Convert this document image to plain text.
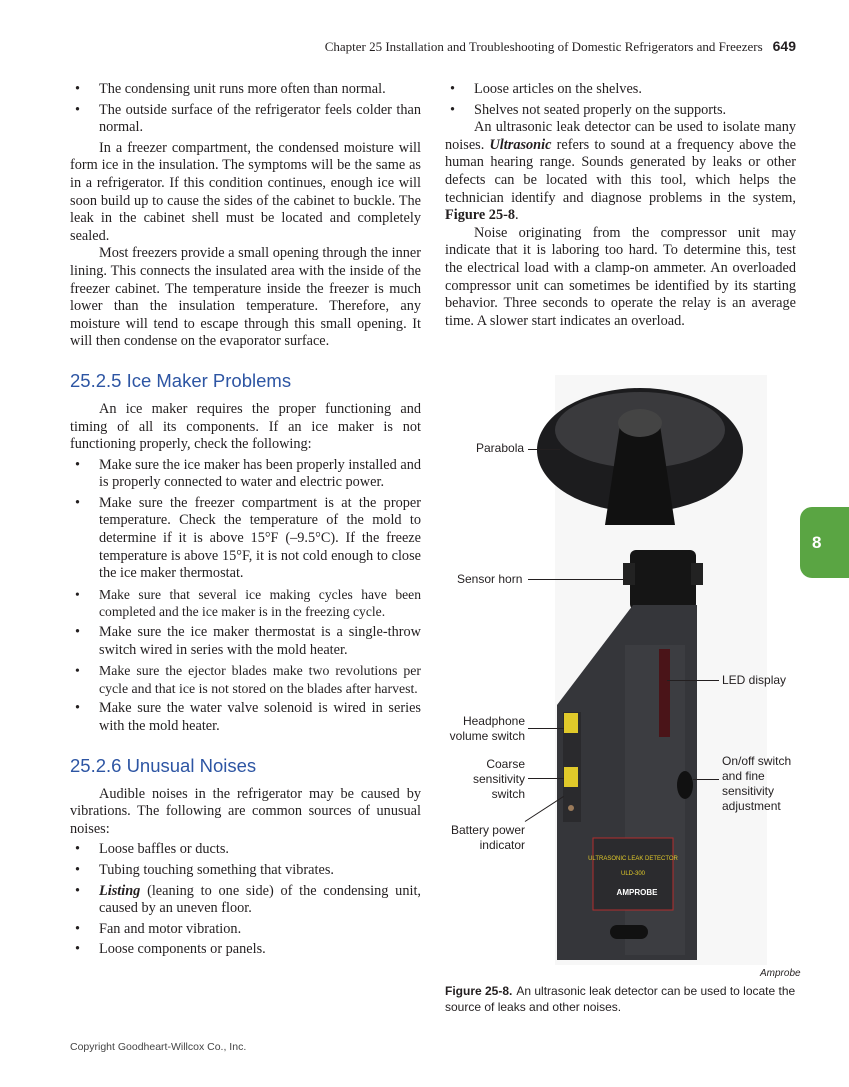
Chapter 25 Installation and Troubleshooting of Domestic Refrigerators and Freezers 649
• The condensing unit runs more often than normal.
• The outside surface of the refrigerator feels colder than normal.

In a freezer compartment, the condensed moisture will form ice in the insulation. The symptoms will be the same as in a refrigerator. If this condition continues, enough ice will soon build up to cause the sides of the cabinet to buckle. The leak in the cabinet shell must be located and completely sealed.

Most freezers provide a small opening through the inner lining. This connects the insulated area with the inside of the freezer cabinet. The temperature inside the freezer is much lower than the insulation temperature. Therefore, any moisture will tend to escape through this small opening. It will then condense on the evaporator surface.

25.2.5 Ice Maker Problems

An ice maker requires the proper functioning and timing of all its components. If an ice maker is not functioning properly, check the following:

• Make sure the ice maker has been properly installed and is properly connected to water and electric power.
• Make sure the freezer compartment is at the proper temperature. Check the temperature of the mold to determine if it is above 15°F (–9.5°C). If the freeze temperature is above 15°F, it is not cold enough to close the ice maker thermostat.
• Make sure that several ice making cycles have been completed and the ice maker is in the freezing cycle.
• Make sure the ice maker thermostat is a single-throw switch wired in series with the mold heater.
• Make sure the ejector blades make two revolutions per cycle and that ice is not stored on the blades after harvest.
• Make sure the water valve solenoid is wired in series with the mold heater.
25.2.6 Unusual Noises

Audible noises in the refrigerator may be caused by vibrations. The following are common sources of unusual noises:

• Loose baffles or ducts.
• Tubing touching something that vibrates.
• Listing (leaning to one side) of the condensing unit, caused by an uneven floor.
• Fan and motor vibration.
• Loose components or panels.
• Loose articles on the shelves.
• Shelves not seated properly on the supports.

An ultrasonic leak detector can be used to isolate many noises. Ultrasonic refers to sound at a frequency above the human hearing range. Sounds generated by leaks or other defects can be located with this tool, which helps the technician identify and diagnose problems in the system, Figure 25-8.

Noise originating from the compressor unit may indicate that it is laboring too hard. To determine this, test the electrical load with a clamp-on ammeter. An overloaded compressor unit can sometimes be identified by its starting behavior. Three seconds to operate the relay is an average time. A slower start indicates an overload.

8
ULTRASONIC LEAK DETECTOR
ULD-300
AMPROBE
Parabola
Sensor horn
LED display
Headphone volume switch
Coarse sensitivity switch
On/off switch and fine sensitivity adjustment
Battery power indicator
Amprobe
Figure 25-8. An ultrasonic leak detector can be used to locate the source of leaks and other noises.
Copyright Goodheart-Willcox Co., Inc.
